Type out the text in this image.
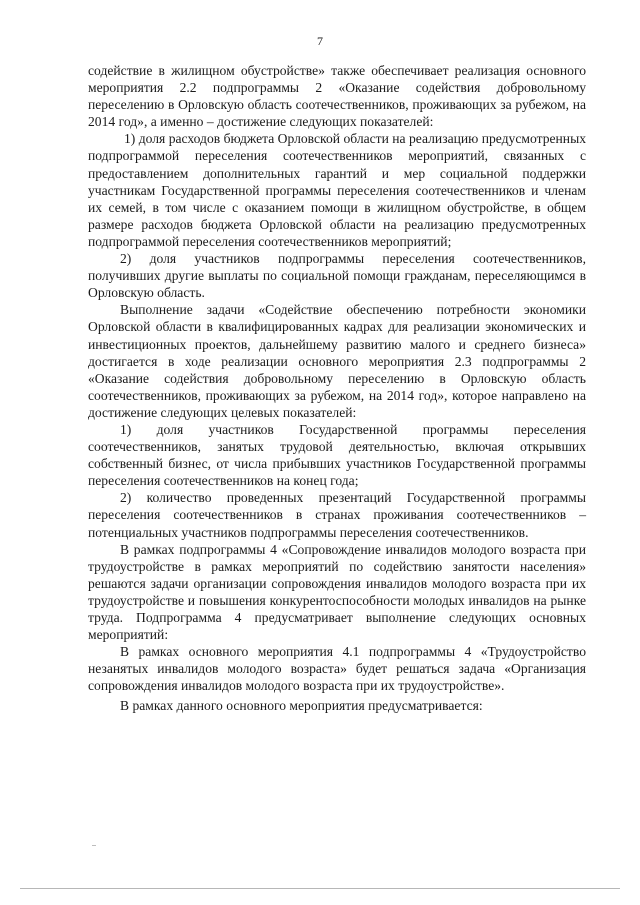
7

содействие в жилищном обустройстве» также обеспечивает реализация основного мероприятия 2.2 подпрограммы 2 «Оказание содействия добровольному переселению в Орловскую область соотечественников, проживающих за рубежом, на 2014 год», а именно – достижение следующих показателей:

1) доля расходов бюджета Орловской области на реализацию предусмотренных подпрограммой переселения соотечественников мероприятий, связанных с предоставлением дополнительных гарантий и мер социальной поддержки участникам Государственной программы переселения соотечественников и членам их семей, в том числе с оказанием помощи в жилищном обустройстве, в общем размере расходов бюджета Орловской области на реализацию предусмотренных подпрограммой переселения соотечественников мероприятий;

2) доля участников подпрограммы переселения соотечественников, получивших другие выплаты по социальной помощи гражданам, переселяющимся в Орловскую область.

Выполнение задачи «Содействие обеспечению потребности экономики Орловской области в квалифицированных кадрах для реализации экономических и инвестиционных проектов, дальнейшему развитию малого и среднего бизнеса» достигается в ходе реализации основного мероприятия 2.3 подпрограммы 2 «Оказание содействия добровольному переселению в Орловскую область соотечественников, проживающих за рубежом, на 2014 год», которое направлено на достижение следующих целевых показателей:

1) доля участников Государственной программы переселения соотечественников, занятых трудовой деятельностью, включая открывших собственный бизнес, от числа прибывших участников Государственной программы переселения соотечественников на конец года;

2) количество проведенных презентаций Государственной программы переселения соотечественников в странах проживания соотечественников – потенциальных участников подпрограммы переселения соотечественников.

В рамках подпрограммы 4 «Сопровождение инвалидов молодого возраста при трудоустройстве в рамках мероприятий по содействию занятости населения» решаются задачи организации сопровождения инвалидов молодого возраста при их трудоустройстве и повышения конкурентоспособности молодых инвалидов на рынке труда. Подпрограмма 4 предусматривает выполнение следующих основных мероприятий:

В рамках основного мероприятия 4.1 подпрограммы 4 «Трудоустройство незанятых инвалидов молодого возраста» будет решаться задача «Организация сопровождения инвалидов молодого возраста при их трудоустройстве».

В рамках данного основного мероприятия предусматривается:
